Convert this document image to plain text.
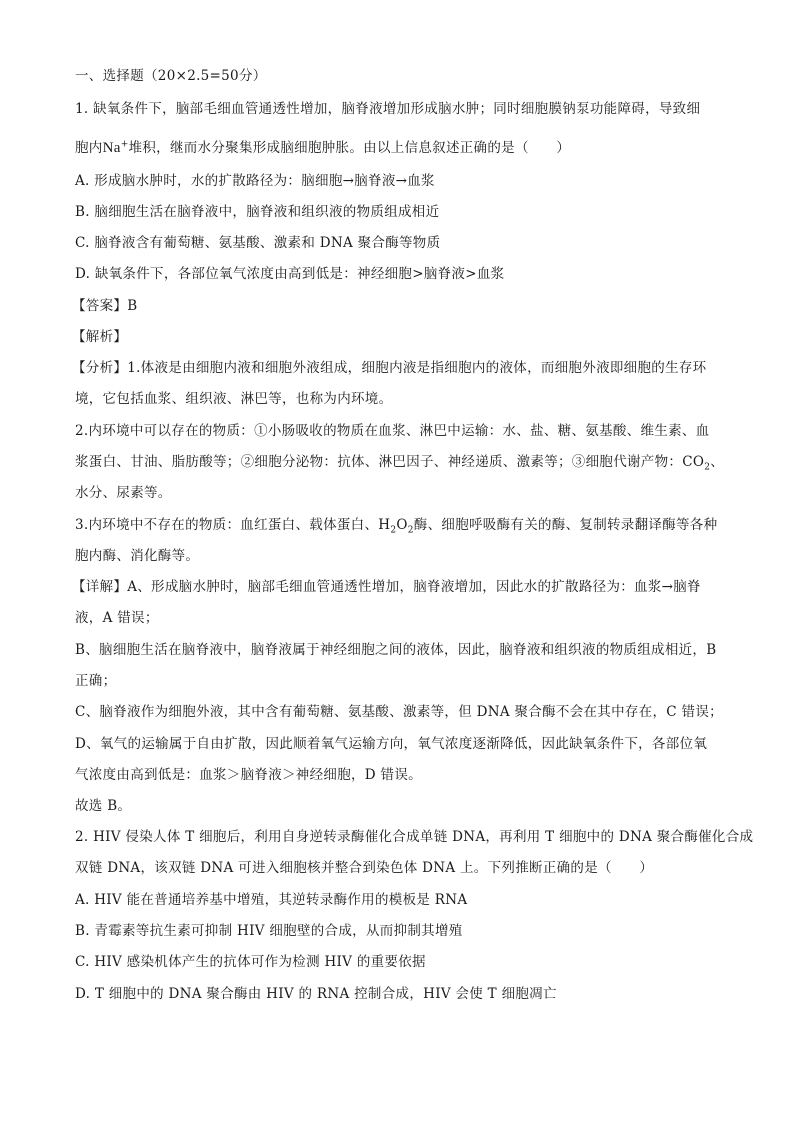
一、选择题（20×2.5=50分）
1. 缺氧条件下，脑部毛细血管通透性增加，脑脊液增加形成脑水肿；同时细胞膜钠泵功能障碍，导致细
胞内Na+堆积，继而水分聚集形成脑细胞肿胀。由以上信息叙述正确的是（　　）
A. 形成脑水肿时，水的扩散路径为：脑细胞→脑脊液→血浆
B. 脑细胞生活在脑脊液中，脑脊液和组织液的物质组成相近
C. 脑脊液含有葡萄糖、氨基酸、激素和 DNA 聚合酶等物质
D. 缺氧条件下，各部位氧气浓度由高到低是：神经细胞>脑脊液>血浆
【答案】B
【解析】
【分析】1.体液是由细胞内液和细胞外液组成，细胞内液是指细胞内的液体，而细胞外液即细胞的生存环
境，它包括血浆、组织液、淋巴等，也称为内环境。
2.内环境中可以存在的物质：①小肠吸收的物质在血浆、淋巴中运输：水、盐、糖、氨基酸、维生素、血
浆蛋白、甘油、脂肪酸等；②细胞分泌物：抗体、淋巴因子、神经递质、激素等；③细胞代谢产物：$CO_2$、
水分、尿素等。
3.内环境中不存在的物质：血红蛋白、载体蛋白、$H_2O_2$酶、细胞呼吸酶有关的酶、复制转录翻译酶等各种
胞内酶、消化酶等。
【详解】A、形成脑水肿时，脑部毛细血管通透性增加，脑脊液增加，因此水的扩散路径为：血浆→脑脊
液，A 错误；
B、脑细胞生活在脑脊液中，脑脊液属于神经细胞之间的液体，因此，脑脊液和组织液的物质组成相近，B
正确；
C、脑脊液作为细胞外液，其中含有葡萄糖、氨基酸、激素等，但 DNA 聚合酶不会在其中存在，C 错误；
D、氧气的运输属于自由扩散，因此顺着氧气运输方向，氧气浓度逐渐降低，因此缺氧条件下，各部位氧
气浓度由高到低是：血浆＞脑脊液＞神经细胞，D 错误。
故选 B。
2. HIV 侵染人体 T 细胞后，利用自身逆转录酶催化合成单链 DNA，再利用 T 细胞中的 DNA 聚合酶催化合成
双链 DNA，该双链 DNA 可进入细胞核并整合到染色体 DNA 上。下列推断正确的是（　　）
A. HIV 能在普通培养基中增殖，其逆转录酶作用的模板是 RNA
B. 青霉素等抗生素可抑制 HIV 细胞壁的合成，从而抑制其增殖
C. HIV 感染机体产生的抗体可作为检测 HIV 的重要依据
D. T 细胞中的 DNA 聚合酶由 HIV 的 RNA 控制合成，HIV 会使 T 细胞凋亡
